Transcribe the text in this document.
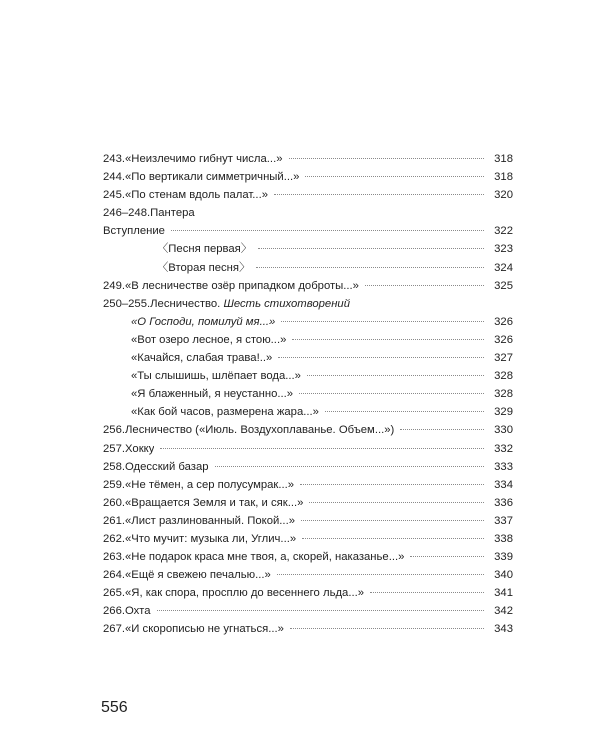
243. «Неизлечимо гибнут числа...»	318
244. «По вертикали симметричный...»	318
245. «По стенам вдоль палат...»	320
246–248. Пантера
Вступление	322
〈Песня первая〉	323
〈Вторая песня〉	324
249. «В лесничестве озёр припадком доброты...»	325
250–255. Лесничество. Шесть стихотворений
«О Господи, помилуй мя...»	326
«Вот озеро лесное, я стою...»	326
«Качайся, слабая трава!..»	327
«Ты слышишь, шлёпает вода...»	328
«Я блаженный, я неустанно...»	328
«Как бой часов, размерена жара...»	329
256. Лесничество («Июль. Воздухоплаванье. Объем...»)	330
257. Хокку	332
258. Одесский базар	333
259. «Не тёмен, а сер полусумрак...»	334
260. «Вращается Земля и так, и сяк...»	336
261. «Лист разлинованный. Покой...»	337
262. «Что мучит: музыка ли, Углич...»	338
263. «Не подарок краса мне твоя, а, скорей, наказанье...»	339
264. «Ещё я свежею печалью...»	340
265. «Я, как спора, просплю до весеннего льда...»	341
266. Охта	342
267. «И скорописью не угнаться...»	343
556
